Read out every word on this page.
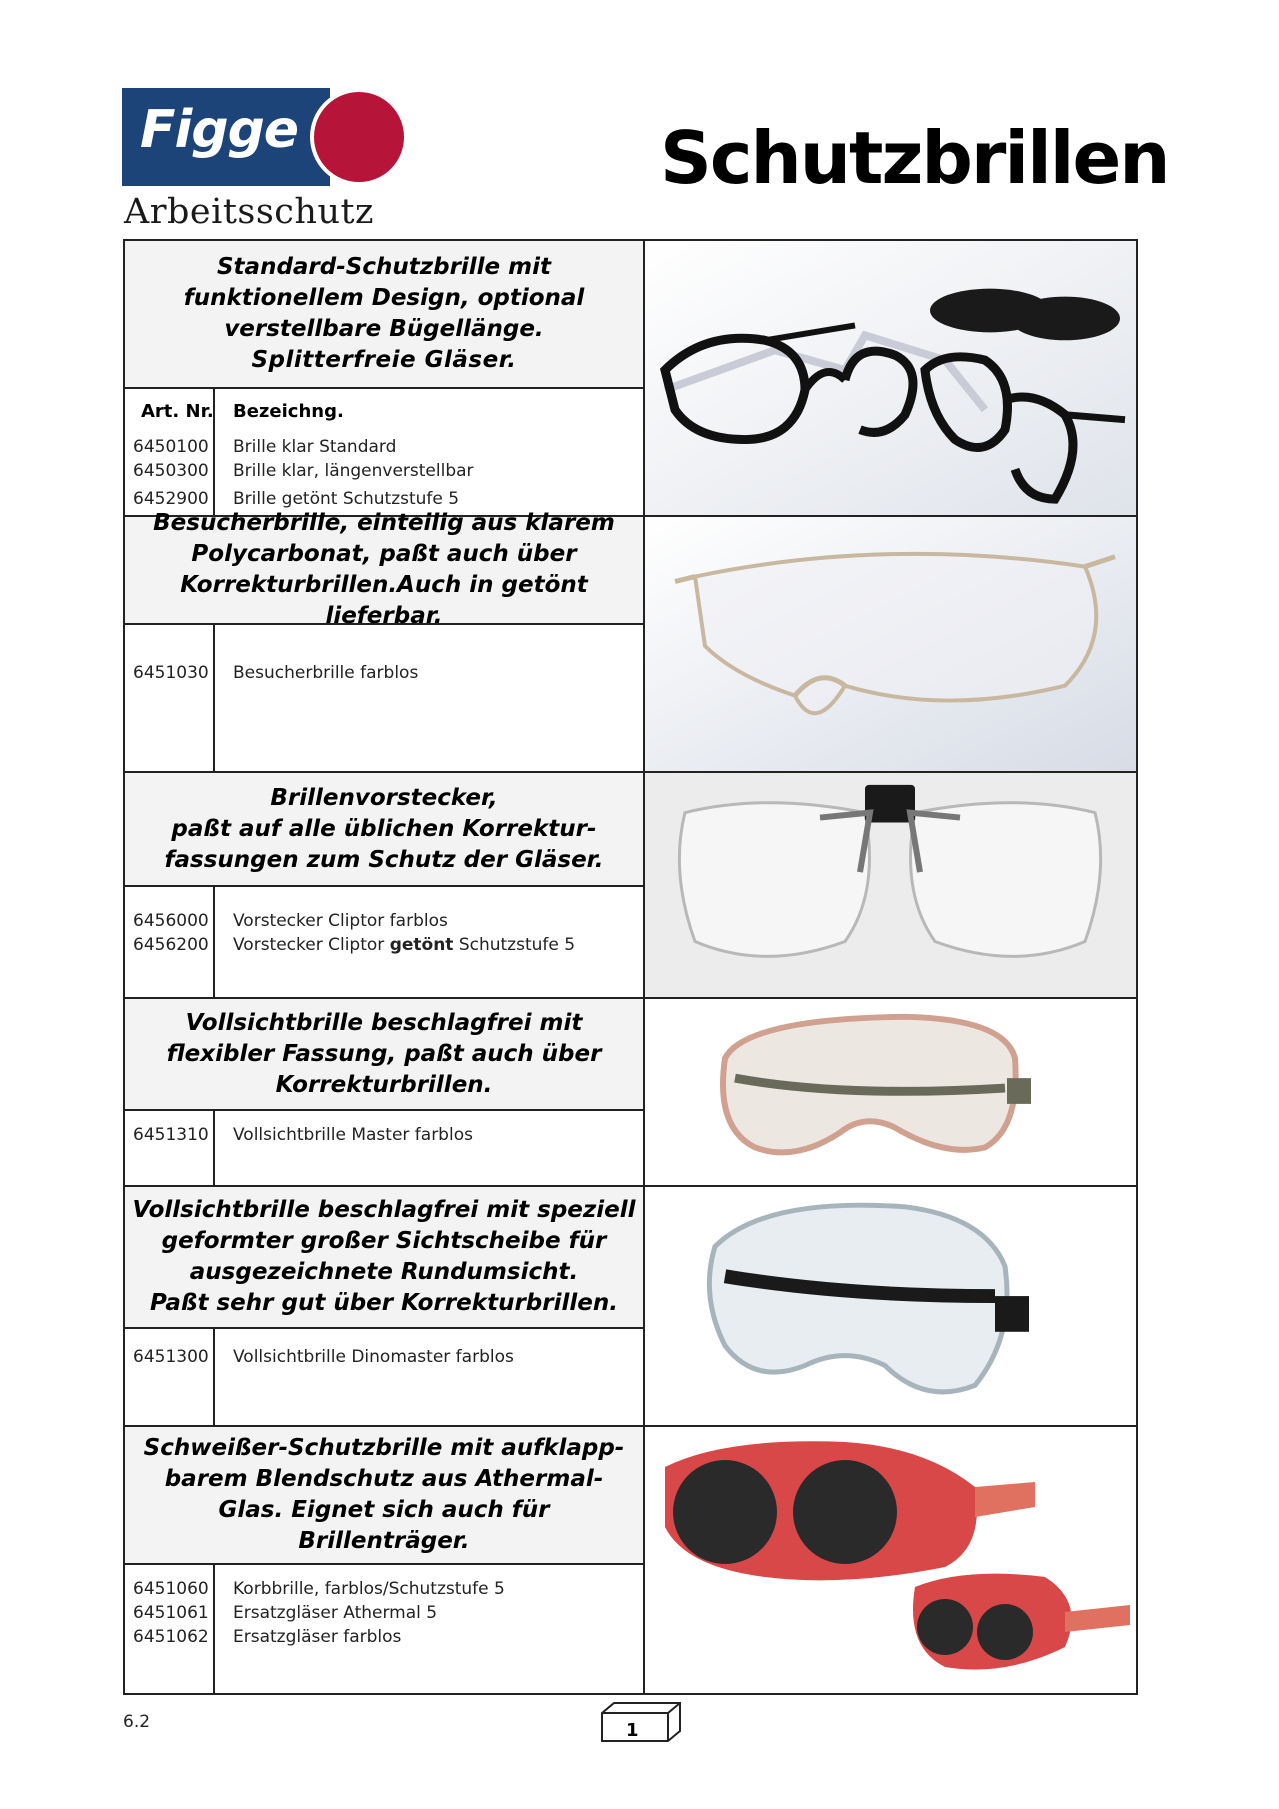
Figge
Arbeitsschutz
Schutzbrillen
Standard-Schutzbrille mit
funktionellem Design, optional
verstellbare Bügellänge.
Splitterfreie Gläser.
Art. Nr. Bezeichng.
6450100 Brille klar Standard
6450300 Brille klar, längenverstellbar
6452900 Brille getönt Schutzstufe 5
Besucherbrille, einteilig aus klarem
Polycarbonat, paßt auch über
Korrekturbrillen.Auch in getönt lieferbar.
6451030 Besucherbrille farblos
Brillenvorstecker,
paßt auf alle üblichen Korrektur-
fassungen zum Schutz der Gläser.
6456000 Vorstecker Cliptor farblos
6456200 Vorstecker Cliptor getönt Schutzstufe 5
Vollsichtbrille beschlagfrei mit
flexibler Fassung, paßt auch über
Korrekturbrillen.
6451310 Vollsichtbrille Master farblos
Vollsichtbrille beschlagfrei mit speziell
geformter großer Sichtscheibe für
ausgezeichnete Rundumsicht.
Paßt sehr gut über Korrekturbrillen.
6451300 Vollsichtbrille Dinomaster farblos
Schweißer-Schutzbrille mit aufklapp-
barem Blendschutz aus Athermal-
Glas. Eignet sich auch für
Brillenträger.
6451060 Korbbrille, farblos/Schutzstufe 5
6451061 Ersatzgläser Athermal 5
6451062 Ersatzgläser farblos
6.2	1
